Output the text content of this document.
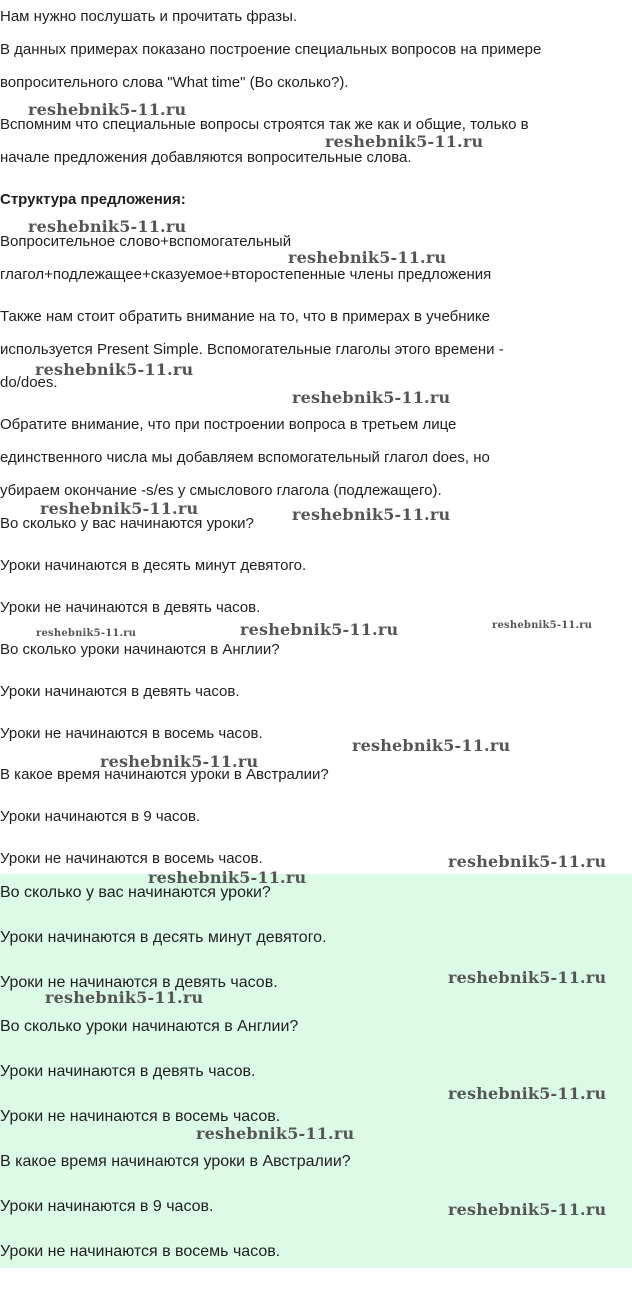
Нам нужно послушать и прочитать фразы.
В данных примерах показано построение специальных вопросов на примере
вопросительного слова "What time" (Во сколько?).
Вспомним что специальные вопросы строятся так же как и общие, только в
начале предложения добавляются вопросительные слова.
Структура предложения:
Вопросительное слово+вспомогательный
глагол+подлежащее+сказуемое+второстепенные члены предложения
Также нам стоит обратить внимание на то, что в примерах в учебнике
используется Present Simple. Вспомогательные глаголы этого времени -
do/does.
Обратите внимание, что при построении вопроса в третьем лице
единственного числа мы добавляем вспомогательный глагол does, но
убираем окончание -s/es у смыслового глагола (подлежащего).
Во сколько у вас начинаются уроки?
Уроки начинаются в десять минут девятого.
Уроки не начинаются в девять часов.
Во сколько уроки начинаются в Англии?
Уроки начинаются в девять часов.
Уроки не начинаются в восемь часов.
В какое время начинаются уроки в Австралии?
Уроки начинаются в 9 часов.
Уроки не начинаются в восемь часов.
Во сколько у вас начинаются уроки?
Уроки начинаются в десять минут девятого.
Уроки не начинаются в девять часов.
Во сколько уроки начинаются в Англии?
Уроки начинаются в девять часов.
Уроки не начинаются в восемь часов.
В какое время начинаются уроки в Австралии?
Уроки начинаются в 9 часов.
Уроки не начинаются в восемь часов.
reshebnik5-11.ru
reshebnik5-11.ru
reshebnik5-11.ru
reshebnik5-11.ru
reshebnik5-11.ru
reshebnik5-11.ru
reshebnik5-11.ru	reshebnik5-11.ru
reshebnik5-11.ru	reshebnik5-11.ru	reshebnik5-11.ru
reshebnik5-11.ru
reshebnik5-11.ru
reshebnik5-11.ru
reshebnik5-11.ru
reshebnik5-11.ru
reshebnik5-11.ru
reshebnik5-11.ru
reshebnik5-11.ru
reshebnik5-11.ru
